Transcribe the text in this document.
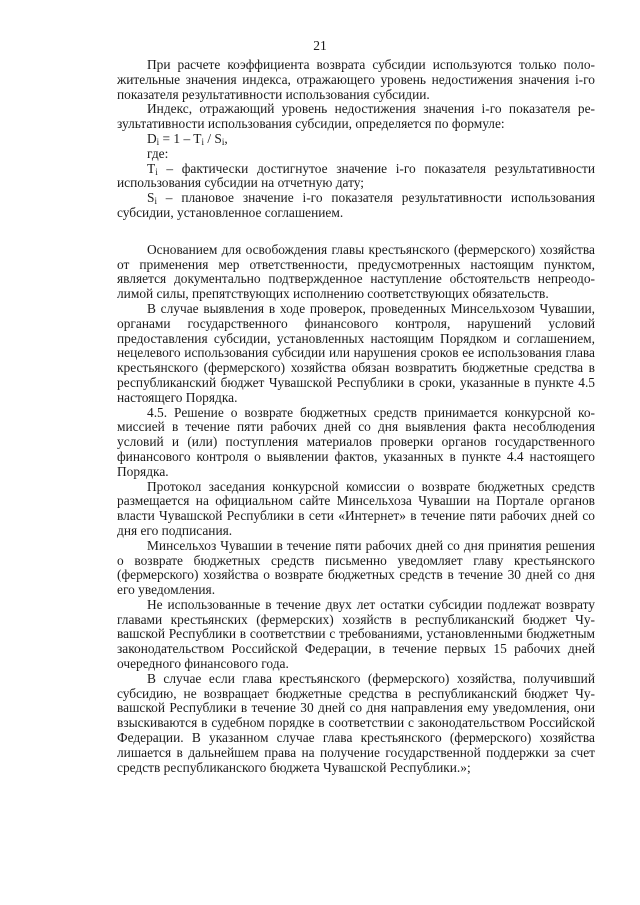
21

При расчете коэффициента возврата субсидии используются только положительные значения индекса, отражающего уровень недостижения значения i-го показателя результативности использования субсидии.

Индекс, отражающий уровень недостижения значения i-го показателя результативности использования субсидии, определяется по формуле:

$D_i = 1 - T_i / S_i$,

где:

$T_i$ – фактически достигнутое значение i-го показателя результативности использования субсидии на отчетную дату;

$S_i$ – плановое значение i-го показателя результативности использования субсидии, установленное соглашением.

Основанием для освобождения главы крестьянского (фермерского) хозяйства от применения мер ответственности, предусмотренных настоящим пунктом, является документально подтвержденное наступление обстоятельств непреодолимой силы, препятствующих исполнению соответствующих обязательств.

В случае выявления в ходе проверок, проведенных Минсельхозом Чувашии, органами государственного финансового контроля, нарушений условий предоставления субсидии, установленных настоящим Порядком и соглашением, нецелевого использования субсидии или нарушения сроков ее использования глава крестьянского (фермерского) хозяйства обязан возвратить бюджетные средства в республиканский бюджет Чувашской Республики в сроки, указанные в пункте 4.5 настоящего Порядка.

4.5. Решение о возврате бюджетных средств принимается конкурсной комиссией в течение пяти рабочих дней со дня выявления факта несоблюдения условий и (или) поступления материалов проверки органов государственного финансового контроля о выявлении фактов, указанных в пункте 4.4 настоящего Порядка.

Протокол заседания конкурсной комиссии о возврате бюджетных средств размещается на официальном сайте Минсельхоза Чувашии на Портале органов власти Чувашской Республики в сети «Интернет» в течение пяти рабочих дней со дня его подписания.

Минсельхоз Чувашии в течение пяти рабочих дней со дня принятия решения о возврате бюджетных средств письменно уведомляет главу крестьянского (фермерского) хозяйства о возврате бюджетных средств в течение 30 дней со дня его уведомления.

Не использованные в течение двух лет остатки субсидии подлежат возврату главами крестьянских (фермерских) хозяйств в республиканский бюджет Чувашской Республики в соответствии с требованиями, установленными бюджетным законодательством Российской Федерации, в течение первых 15 рабочих дней очередного финансового года.

В случае если глава крестьянского (фермерского) хозяйства, получивший субсидию, не возвращает бюджетные средства в республиканский бюджет Чувашской Республики в течение 30 дней со дня направления ему уведомления, они взыскиваются в судебном порядке в соответствии с законодательством Российской Федерации. В указанном случае глава крестьянского (фермерского) хозяйства лишается в дальнейшем права на получение государственной поддержки за счет средств республиканского бюджета Чувашской Республики.»;
